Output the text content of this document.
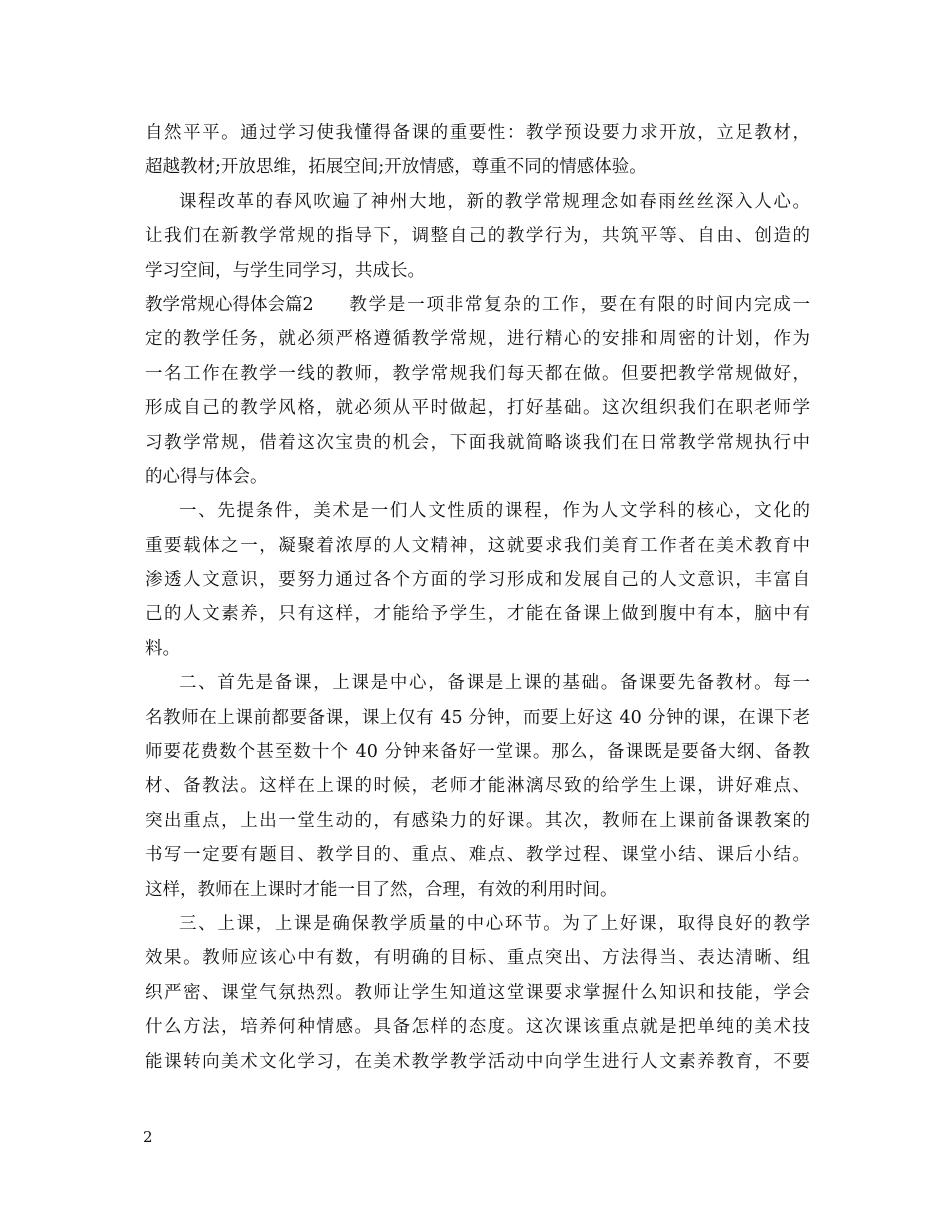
自然平平。通过学习使我懂得备课的重要性：教学预设要力求开放，立足教材，
超越教材;开放思维，拓展空间;开放情感，尊重不同的情感体验。
课程改革的春风吹遍了神州大地，新的教学常规理念如春雨丝丝深入人心。
让我们在新教学常规的指导下，调整自己的教学行为，共筑平等、自由、创造的
学习空间，与学生同学习，共成长。
教学常规心得体会篇2 教学是一项非常复杂的工作，要在有限的时间内完成一
定的教学任务，就必须严格遵循教学常规，进行精心的安排和周密的计划，作为
一名工作在教学一线的教师，教学常规我们每天都在做。但要把教学常规做好，
形成自己的教学风格，就必须从平时做起，打好基础。这次组织我们在职老师学
习教学常规，借着这次宝贵的机会，下面我就简略谈我们在日常教学常规执行中
的心得与体会。
一、先提条件，美术是一们人文性质的课程，作为人文学科的核心，文化的
重要载体之一，凝聚着浓厚的人文精神，这就要求我们美育工作者在美术教育中
渗透人文意识，要努力通过各个方面的学习形成和发展自己的人文意识，丰富自
己的人文素养，只有这样，才能给予学生，才能在备课上做到腹中有本，脑中有
料。
二、首先是备课，上课是中心，备课是上课的基础。备课要先备教材。每一
名教师在上课前都要备课，课上仅有 45 分钟，而要上好这 40 分钟的课，在课下老
师要花费数个甚至数十个 40 分钟来备好一堂课。那么，备课既是要备大纲、备教
材、备教法。这样在上课的时候，老师才能淋漓尽致的给学生上课，讲好难点、
突出重点，上出一堂生动的，有感染力的好课。其次，教师在上课前备课教案的
书写一定要有题目、教学目的、重点、难点、教学过程、课堂小结、课后小结。
这样，教师在上课时才能一目了然，合理，有效的利用时间。
三、上课，上课是确保教学质量的中心环节。为了上好课，取得良好的教学
效果。教师应该心中有数，有明确的目标、重点突出、方法得当、表达清晰、组
织严密、课堂气氛热烈。教师让学生知道这堂课要求掌握什么知识和技能，学会
什么方法，培养何种情感。具备怎样的态度。这次课该重点就是把单纯的美术技
能课转向美术文化学习，在美术教学教学活动中向学生进行人文素养教育，不要
2
